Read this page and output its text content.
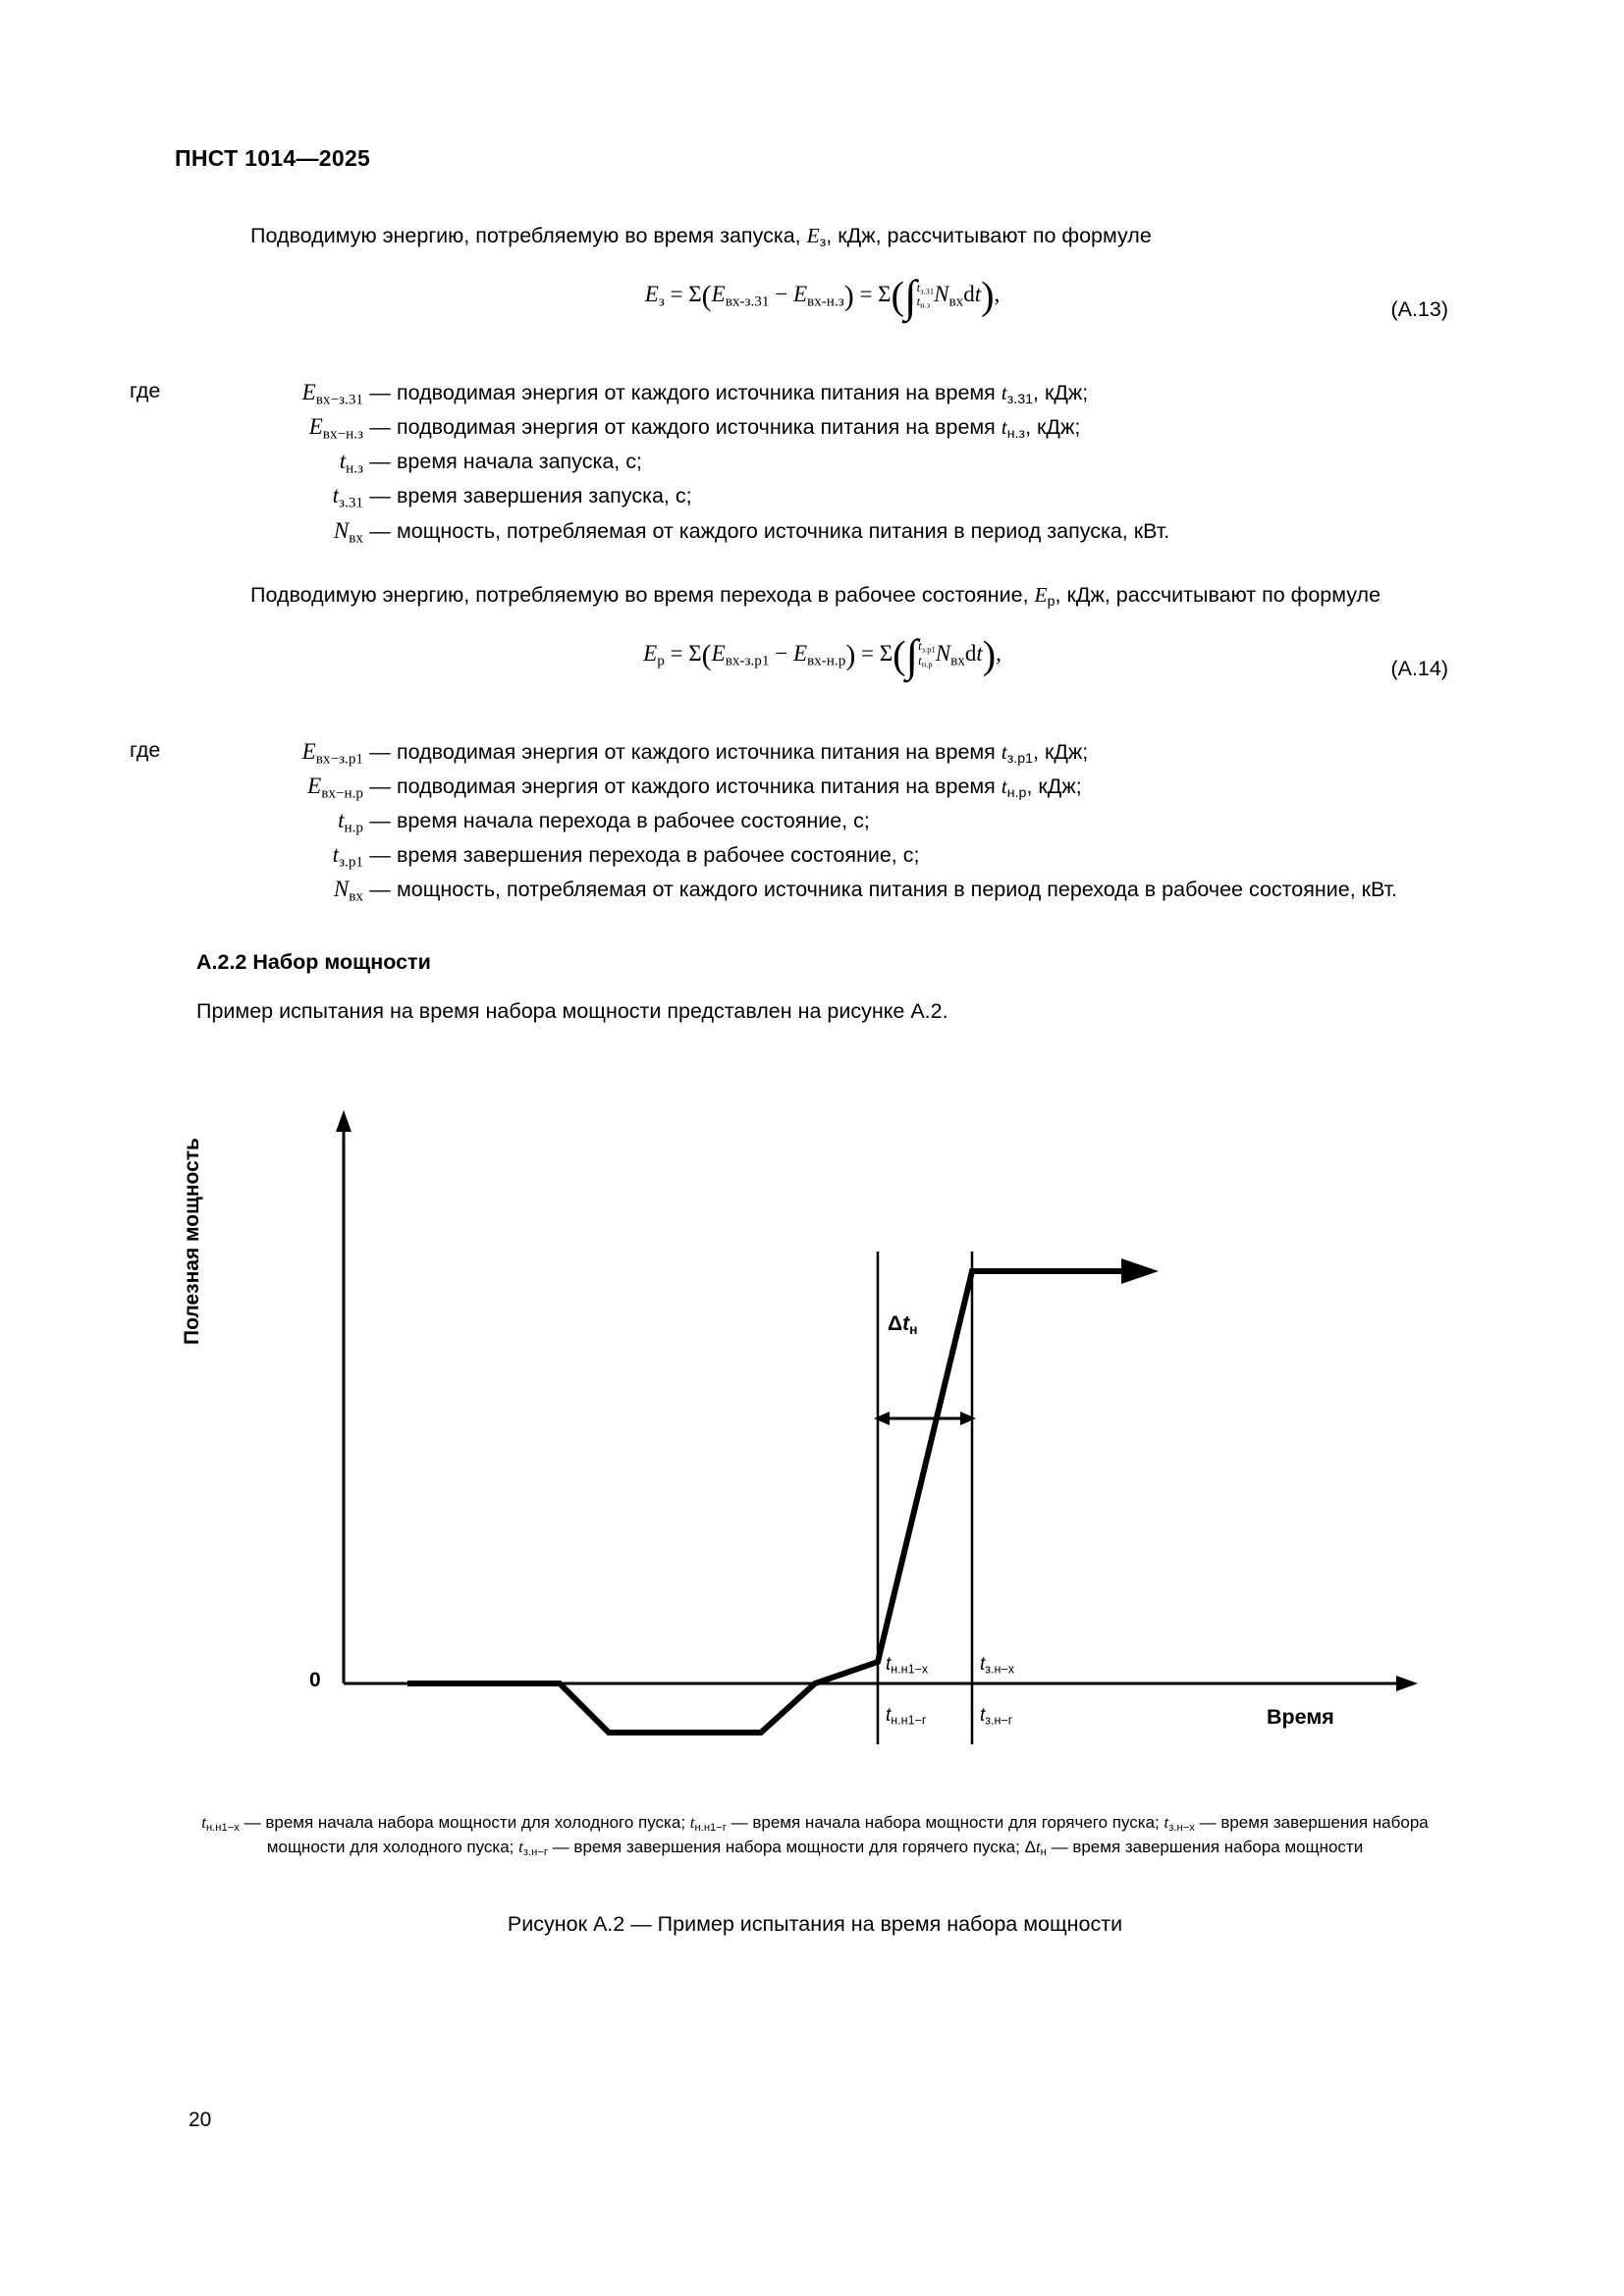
ПНСТ 1014—2025

Подводимую энергию, потребляемую во время запуска, $E_з$, кДж, рассчитывают по формуле

$E_з = \Sigma(E_{вх-з.31} - E_{вх-н.з}) = \Sigma(\int t_{з.31}$
$t_{н.з}$ $N_{вх}dt$),
(A.13)
где	$E_{вх-з.31}$ — подводимая энергия от каждого источника питания на время $t_{з.31}$, кДж;
$E_{вх-н.з}$ — подводимая энергия от каждого источника питания на время $t_{н.з}$, кДж;
$t_{н.з}$ — время начала запуска, с;
$t_{з.31}$ — время завершения запуска, с;
$N_{вх}$ — мощность, потребляемая от каждого источника питания в период запуска, кВт.

Подводимую энергию, потребляемую во время перехода в рабочее состояние, $E_р$, кДж, рассчитывают по формуле

$E_р = \Sigma(E_{вх-з.р1} - E_{вх-н.р}) = \Sigma(\int t_{з.р1}$
$t_{н.р}$ $N_{вх}dt$),
(A.14)
где	$E_{вх-з.р1}$ — подводимая энергия от каждого источника питания на время $t_{з.р1}$, кДж;
$E_{вх-н.р}$ — подводимая энергия от каждого источника питания на время $t_{н.р}$, кДж;
$t_{н.р}$ — время начала перехода в рабочее состояние, с;
$t_{з.р1}$ — время завершения перехода в рабочее состояние, с;
$N_{вх}$ — мощность, потребляемая от каждого источника питания в период перехода в рабочее состояние, кВт.

A.2.2 Набор мощности

Пример испытания на время набора мощности представлен на рисунке А.2.

Полезная мощность
Время
0
$\Delta t_н$
$t_{н.н1-х}$	$t_{з.н-х}$
$t_{н.н1-г}$	$t_{з.н-г}$
$t_{н.н1-х}$ — время начала набора мощности для холодного пуска; $t_{н.н1-г}$ — время начала набора мощности для горячего пуска; $t_{з.н-х}$ — время завершения набора мощности для холодного пуска; $t_{з.н-г}$ — время завершения набора мощности для горячего пуска; $\Delta t_н$ — время завершения набора мощности
Рисунок А.2 — Пример испытания на время набора мощности
20
